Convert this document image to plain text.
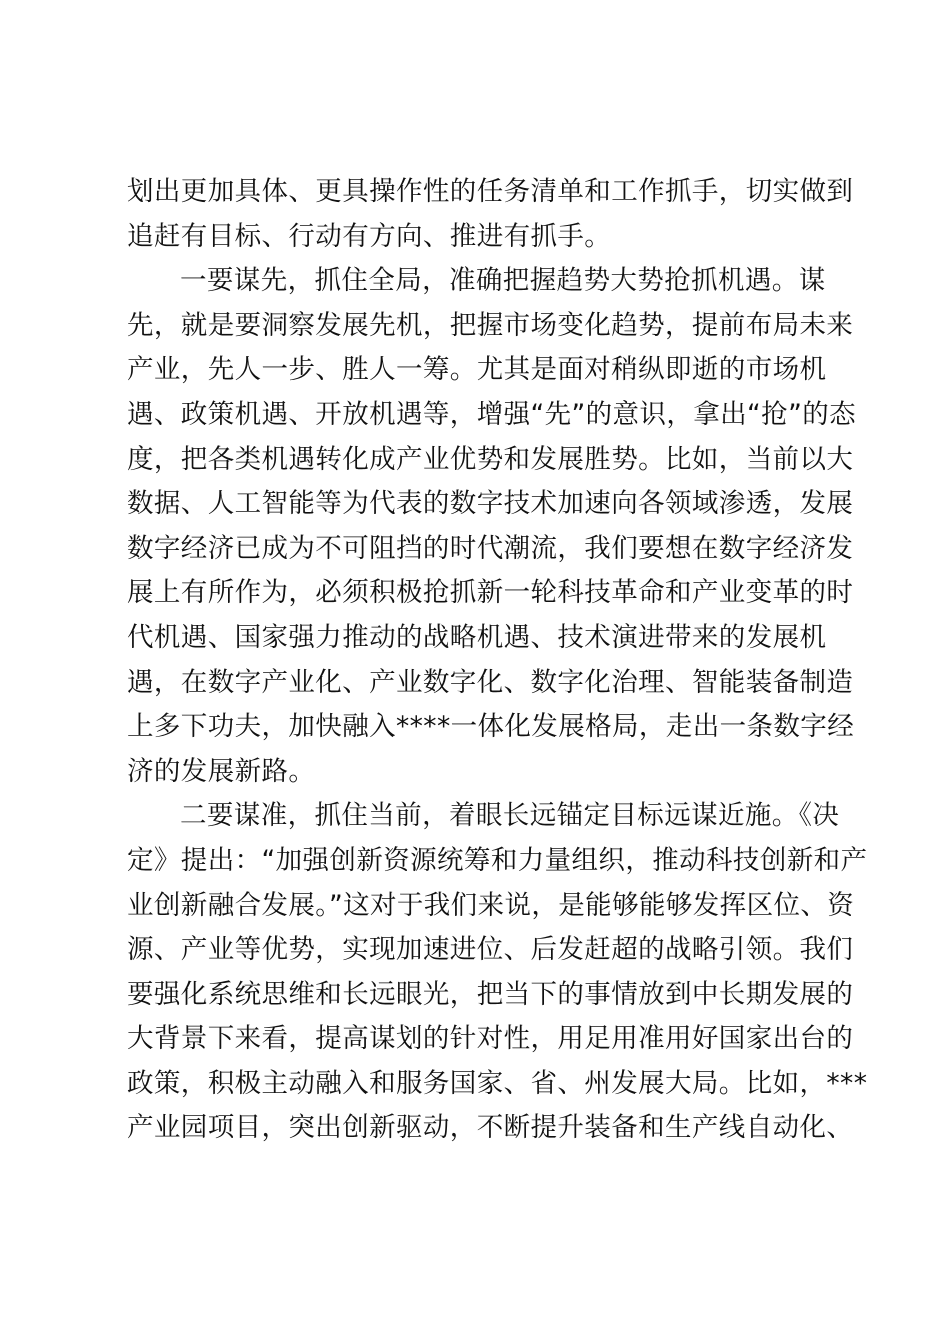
划出更加具体、更具操作性的任务清单和工作抓手，切实做到
追赶有目标、行动有方向、推进有抓手。
一要谋先，抓住全局，准确把握趋势大势抢抓机遇。谋
先，就是要洞察发展先机，把握市场变化趋势，提前布局未来
产业，先人一步、胜人一筹。尤其是面对稍纵即逝的市场机
遇、政策机遇、开放机遇等，增强“先”的意识，拿出“抢”的态
度，把各类机遇转化成产业优势和发展胜势。比如，当前以大
数据、人工智能等为代表的数字技术加速向各领域渗透，发展
数字经济已成为不可阻挡的时代潮流，我们要想在数字经济发
展上有所作为，必须积极抢抓新一轮科技革命和产业变革的时
代机遇、国家强力推动的战略机遇、技术演进带来的发展机
遇，在数字产业化、产业数字化、数字化治理、智能装备制造
上多下功夫，加快融入****一体化发展格局，走出一条数字经
济的发展新路。
二要谋准，抓住当前，着眼长远锚定目标远谋近施。《决
定》提出：“加强创新资源统筹和力量组织，推动科技创新和产
业创新融合发展。”这对于我们来说，是能够能够发挥区位、资
源、产业等优势，实现加速进位、后发赶超的战略引领。我们
要强化系统思维和长远眼光，把当下的事情放到中长期发展的
大背景下来看，提高谋划的针对性，用足用准用好国家出台的
政策，积极主动融入和服务国家、省、州发展大局。比如，***
产业园项目，突出创新驱动，不断提升装备和生产线自动化、
